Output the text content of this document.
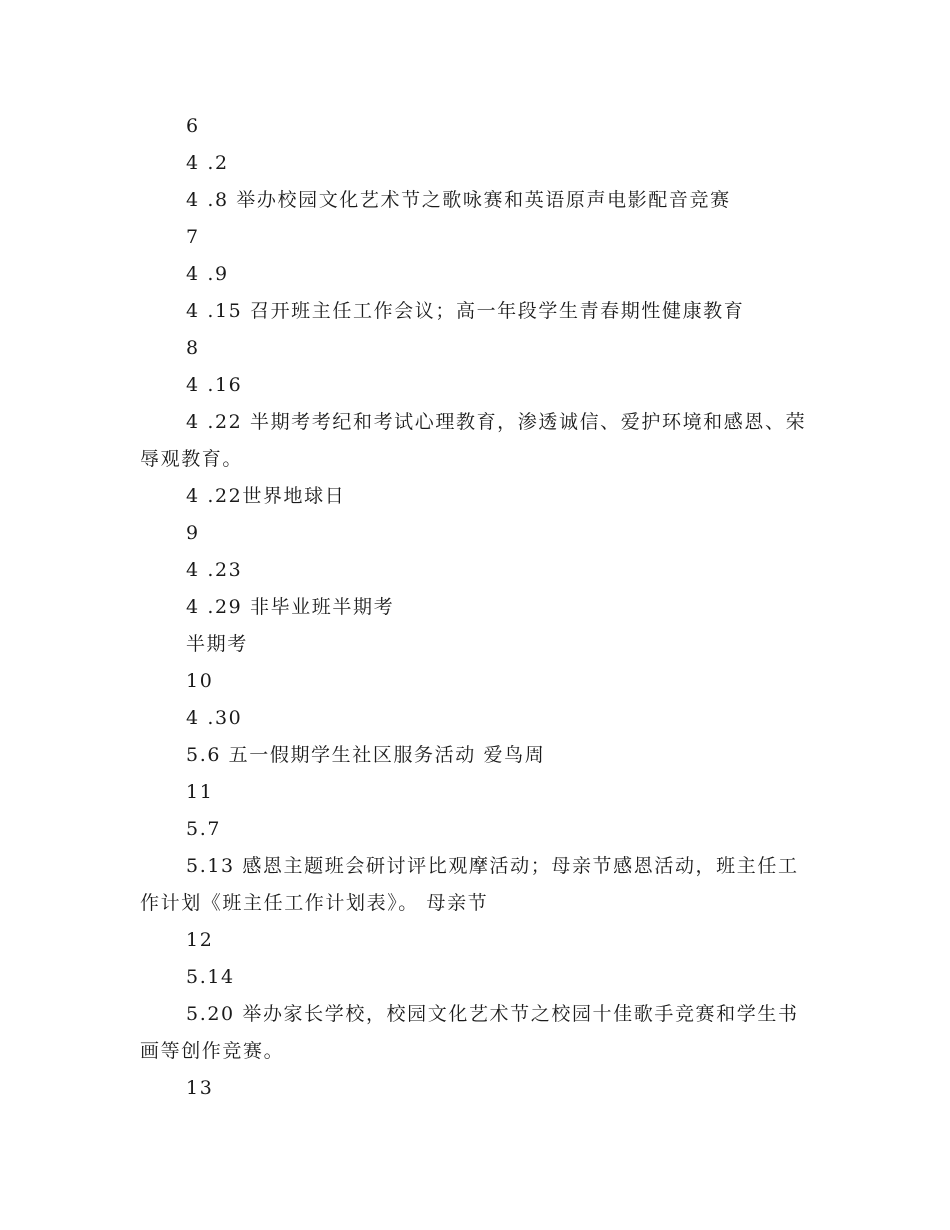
6

4 .2

4 .8 举办校园文化艺术节之歌咏赛和英语原声电影配音竞赛

7

4 .9

4 .15 召开班主任工作会议；高一年段学生青春期性健康教育

8

4 .16

4 .22 半期考考纪和考试心理教育，渗透诚信、爱护环境和感恩、荣辱观教育。

4 .22世界地球日

9

4 .23

4 .29 非毕业班半期考

半期考

10

4 .30

5.6 五一假期学生社区服务活动 爱鸟周

11

5.7

5.13 感恩主题班会研讨评比观摩活动；母亲节感恩活动，班主任工作计划《班主任工作计划表》。 母亲节

12

5.14

5.20 举办家长学校，校园文化艺术节之校园十佳歌手竞赛和学生书画等创作竞赛。

13
